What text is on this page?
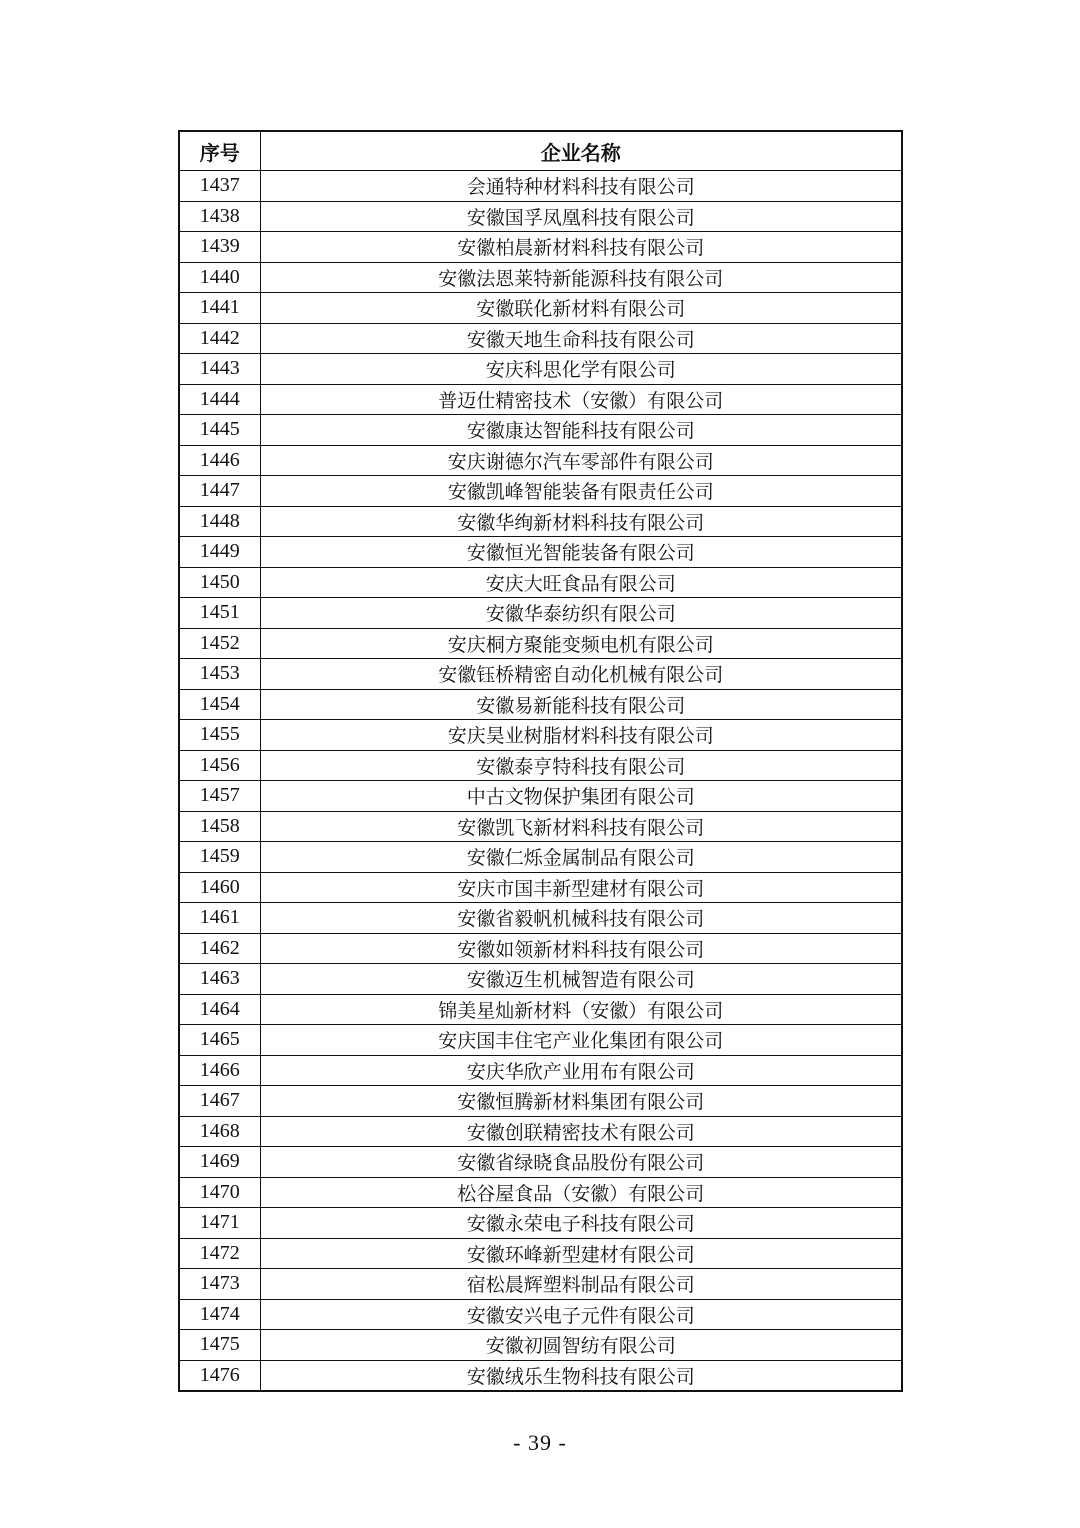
序号	企业名称
1437	会通特种材料科技有限公司
1438	安徽国孚凤凰科技有限公司
1439	安徽柏晨新材料科技有限公司
1440	安徽法恩莱特新能源科技有限公司
1441	安徽联化新材料有限公司
1442	安徽天地生命科技有限公司
1443	安庆科思化学有限公司
1444	普迈仕精密技术（安徽）有限公司
1445	安徽康达智能科技有限公司
1446	安庆谢德尔汽车零部件有限公司
1447	安徽凯峰智能装备有限责任公司
1448	安徽华绚新材料科技有限公司
1449	安徽恒光智能装备有限公司
1450	安庆大旺食品有限公司
1451	安徽华泰纺织有限公司
1452	安庆桐方聚能变频电机有限公司
1453	安徽钰桥精密自动化机械有限公司
1454	安徽易新能科技有限公司
1455	安庆昊业树脂材料科技有限公司
1456	安徽泰亨特科技有限公司
1457	中古文物保护集团有限公司
1458	安徽凯飞新材料科技有限公司
1459	安徽仁烁金属制品有限公司
1460	安庆市国丰新型建材有限公司
1461	安徽省毅帆机械科技有限公司
1462	安徽如领新材料科技有限公司
1463	安徽迈生机械智造有限公司
1464	锦美星灿新材料（安徽）有限公司
1465	安庆国丰住宅产业化集团有限公司
1466	安庆华欣产业用布有限公司
1467	安徽恒腾新材料集团有限公司
1468	安徽创联精密技术有限公司
1469	安徽省绿晓食品股份有限公司
1470	松谷屋食品（安徽）有限公司
1471	安徽永荣电子科技有限公司
1472	安徽环峰新型建材有限公司
1473	宿松晨辉塑料制品有限公司
1474	安徽安兴电子元件有限公司
1475	安徽初圆智纺有限公司
1476	安徽绒乐生物科技有限公司
- 39 -
